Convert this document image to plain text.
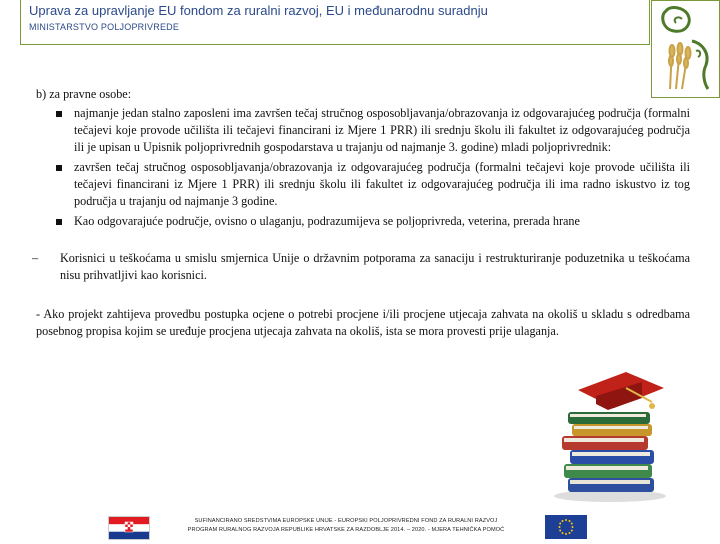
Uprava za upravljanje EU fondom za ruralni razvoj, EU i međunarodnu suradnju
MINISTARSTVO POLJOPRIVREDE
b) za pravne osobe:
najmanje jedan stalno zaposleni ima završen tečaj stručnog osposobljavanja/obrazovanja iz odgovarajućeg područja (formalni tečajevi koje provode učilišta ili tečajevi financirani iz Mjere 1 PRR) ili srednju školu ili fakultet iz odgovarajućeg područja ili je upisan u Upisnik poljoprivrednih gospodarstava u trajanju od najmanje 3. godine) mladi poljoprivrednik:
završen tečaj stručnog osposobljavanja/obrazovanja iz odgovarajućeg područja (formalni tečajevi koje provode učilišta ili tečajevi financirani iz Mjere 1 PRR) ili srednju školu ili fakultet iz odgovarajućeg područja ili ima radno iskustvo iz tog područja u trajanju od najmanje 3 godine.
Kao odgovarajuće područje, ovisno o ulaganju, podrazumijeva se poljoprivreda, veterina, prerada hrane
– Korisnici u teškoćama u smislu smjernica Unije o državnim potporama za sanaciju i restrukturiranje poduzetnika u teškoćama nisu prihvatljivi kao korisnici.
- Ako projekt zahtijeva provedbu postupka ocjene o potrebi procjene i/ili procjene utjecaja zahvata na okoliš u skladu s odredbama posebnog propisa kojim se uređuje procjena utjecaja zahvata na okoliš, ista se mora provesti prije ulaganja.
SUFINANCIRANO SREDSTVIMA EUROPSKE UNIJE - EUROPSKI POLJOPRIVREDNI FOND ZA RURALNI RAZVOJ
PROGRAM RURALNOG RAZVOJA REPUBLIKE HRVATSKE ZA RAZDOBLJE 2014. – 2020. - MJERA TEHNIČKA POMOĆ
